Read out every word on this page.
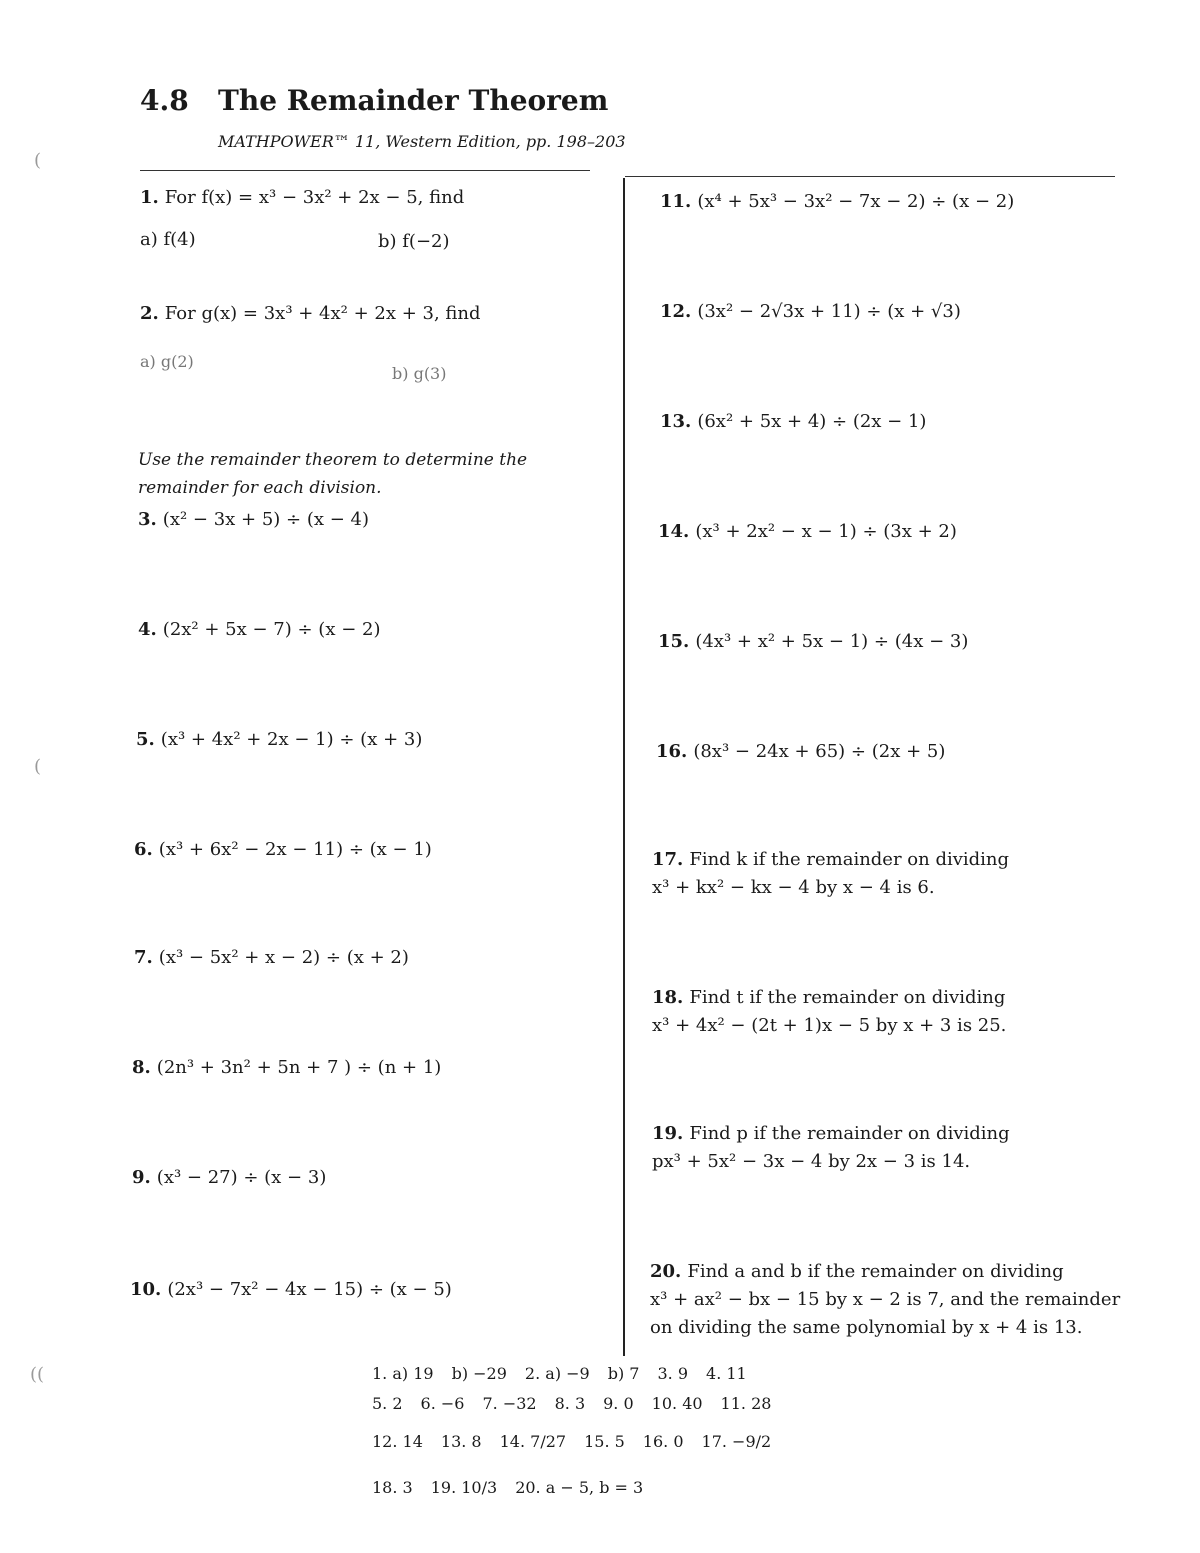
4.8 The Remainder Theorem
MATHPOWER™ 11, Western Edition, pp. 198–203
1. For f(x) = x³ − 3x² + 2x − 5, find
a) f(4)	b) f(−2)
2. For g(x) = 3x³ + 4x² + 2x + 3, find
a) g(2)
b) g(3)
Use the remainder theorem to determine the remainder for each division.
3. (x² − 3x + 5) ÷ (x − 4)
4. (2x² + 5x − 7) ÷ (x − 2)
5. (x³ + 4x² + 2x − 1) ÷ (x + 3)
6. (x³ + 6x² − 2x − 11) ÷ (x − 1)
7. (x³ − 5x² + x − 2) ÷ (x + 2)
8. (2n³ + 3n² + 5n + 7 ) ÷ (n + 1)
9. (x³ − 27) ÷ (x − 3)
10. (2x³ − 7x² − 4x − 15) ÷ (x − 5)
11. (x⁴ + 5x³ − 3x² − 7x − 2) ÷ (x − 2)
12. (3x² − 2√3x + 11) ÷ (x + √3)
13. (6x² + 5x + 4) ÷ (2x − 1)
14. (x³ + 2x² − x − 1) ÷ (3x + 2)
15. (4x³ + x² + 5x − 1) ÷ (4x − 3)
16. (8x³ − 24x + 65) ÷ (2x + 5)
17. Find k if the remainder on dividing
x³ + kx² − kx − 4 by x − 4 is 6.
18. Find t if the remainder on dividing
x³ + 4x² − (2t + 1)x − 5 by x + 3 is 25.
19. Find p if the remainder on dividing
px³ + 5x² − 3x − 4 by 2x − 3 is 14.
20. Find a and b if the remainder on dividing
x³ + ax² − bx − 15 by x − 2 is 7, and the remainder
on dividing the same polynomial by x + 4 is 13.
1. a) 19 b) −29 2. a) −9 b) 7 3. 9 4. 11
5. 2 6. −6 7. −32 8. 3 9. 0 10. 40 11. 28
12. 14 13. 8 14. 7/27 15. 5 16. 0 17. −9/2
18. 3 19. 10/3 20. a − 5, b = 3
(
(
((
